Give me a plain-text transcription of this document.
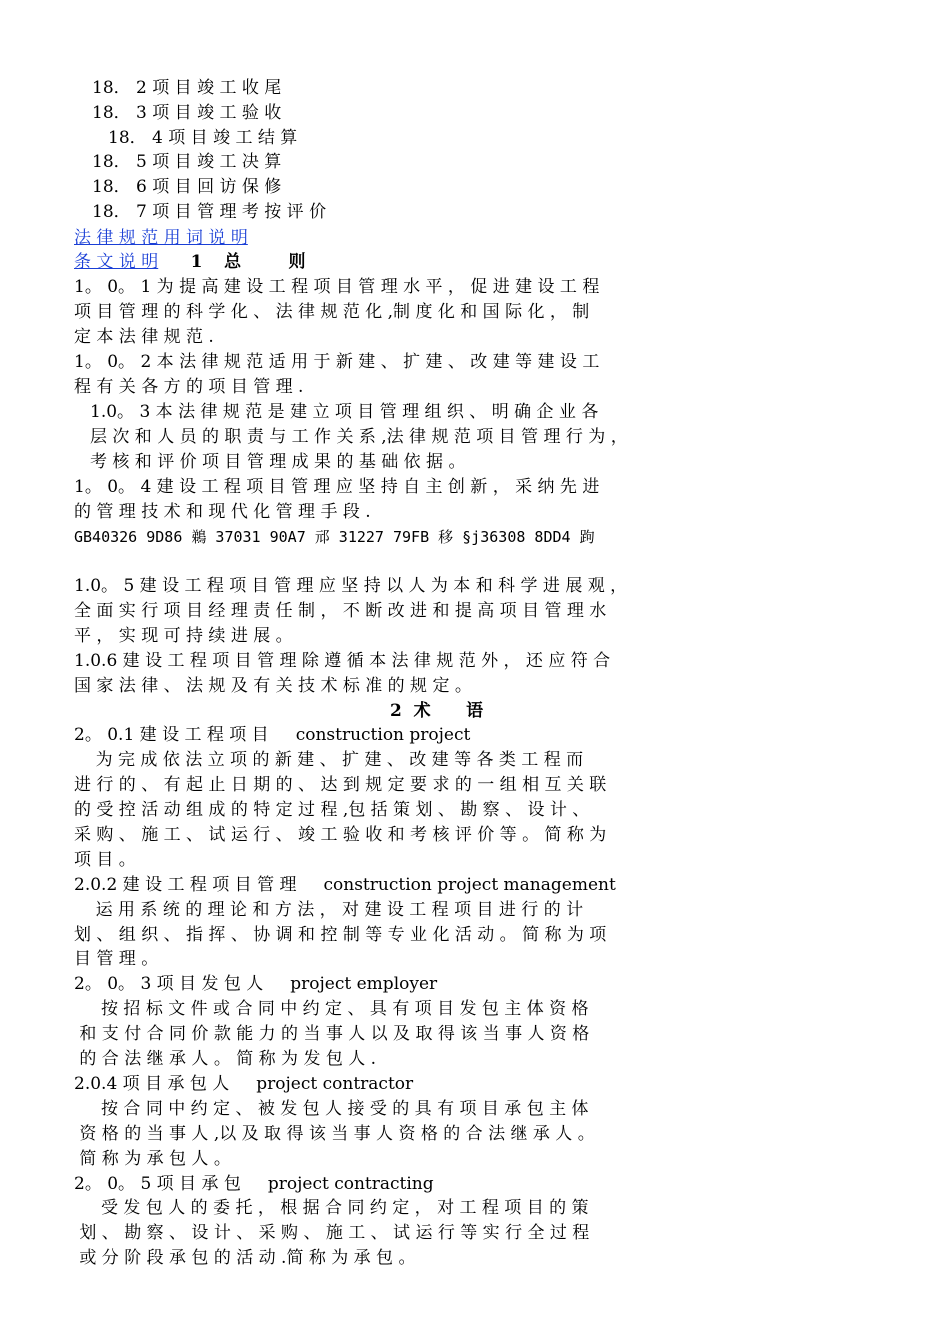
18． 2 项 目 竣 工 收 尾
18． 3 项 目 竣 工 验 收
18． 4 项 目 竣 工 结 算
18． 5 项 目 竣 工 决 算
18． 6 项 目 回 访 保 修
18． 7 项 目 管 理 考 按 评 价
法 律 规 范 用 词 说 明
条 文 说 明 1 总        则
1。 0。 1 为 提 高 建 设 工 程 项 目 管 理 水 平 ， 促 进 建 设 工 程
项 目 管 理 的 科 学 化 、 法 律 规 范 化 ,制 度 化 和 国 际 化 ， 制
定 本 法 律 规 范 .
1。 0。 2 本 法 律 规 范 适 用 于 新 建 、 扩 建 、 改 建 等 建 设 工
程 有 关 各 方 的 项 目 管 理 .
1.0。 3 本 法 律 规 范 是 建 立 项 目 管 理 组 织 、 明 确 企 业 各
层 次 和 人 员 的 职 责 与 工 作 关 系 ,法 律 规 范 项 目 管 理 行 为 ，
考 核 和 评 价 项 目 管 理 成 果 的 基 础 依 据 。
1。 0。 4 建 设 工 程 项 目 管 理 应 坚 持 自 主 创 新 ， 采 纳 先 进
的 管 理 技 术 和 现 代 化 管 理 手 段 .
GB40326 9D86 鵜 37031 90A7 邧 31227 79FB 移 §j36308 8DD4 跔
1.0。 5 建 设 工 程 项 目 管 理 应 坚 持 以 人 为 本 和 科 学 进 展 观 ，
全 面 实 行 项 目 经 理 责 任 制 ， 不 断 改 进 和 提 高 项 目 管 理 水
平 ， 实 现 可 持 续 进 展 。
1.0.6 建 设 工 程 项 目 管 理 除 遵 循 本 法 律 规 范 外 ， 还 应 符 合
国 家 法 律 、 法 规 及 有 关 技 术 标 准 的 规 定 。
2  术      语
2。 0.1 建 设 工 程 项 目     construction project
为 完 成 依 法 立 项 的 新 建 、 扩 建 、 改 建 等 各 类 工 程 而
进 行 的 、 有 起 止 日 期 的 、 达 到 规 定 要 求 的 一 组 相 互 关 联
的 受 控 活 动 组 成 的 特 定 过 程 ,包 括 策 划 、 勘 察 、 设 计 、
采 购 、 施 工 、 试 运 行 、 竣 工 验 收 和 考 核 评 价 等 。 简 称 为
项 目 。
2.0.2 建 设 工 程 项 目 管 理     construction project management
运 用 系 统 的 理 论 和 方 法 ， 对 建 设 工 程 项 目 进 行 的 计
划 、 组 织 、 指 挥 、 协 调 和 控 制 等 专 业 化 活 动 。 简 称 为 项
目 管 理 。
2。 0。 3 项 目 发 包 人     project employer
按 招 标 文 件 或 合 同 中 约 定 、 具 有 项 目 发 包 主 体 资 格
和 支 付 合 同 价 款 能 力 的 当 事 人 以 及 取 得 该 当 事 人 资 格
的 合 法 继 承 人 。 简 称 为 发 包 人 .
2.0.4 项 目 承 包 人     project contractor
按 合 同 中 约 定 、 被 发 包 人 接 受 的 具 有 项 目 承 包 主 体
资 格 的 当 事 人 ,以 及 取 得 该 当 事 人 资 格 的 合 法 继 承 人 。
简 称 为 承 包 人 。
2。 0。 5 项 目 承 包     project contracting
受 发 包 人 的 委 托 ， 根 据 合 同 约 定 ， 对 工 程 项 目 的 策
划 、 勘 察 、 设 计 、 采 购 、 施 工 、 试 运 行 等 实 行 全 过 程
或 分 阶 段 承 包 的 活 动 .简 称 为 承 包 。
